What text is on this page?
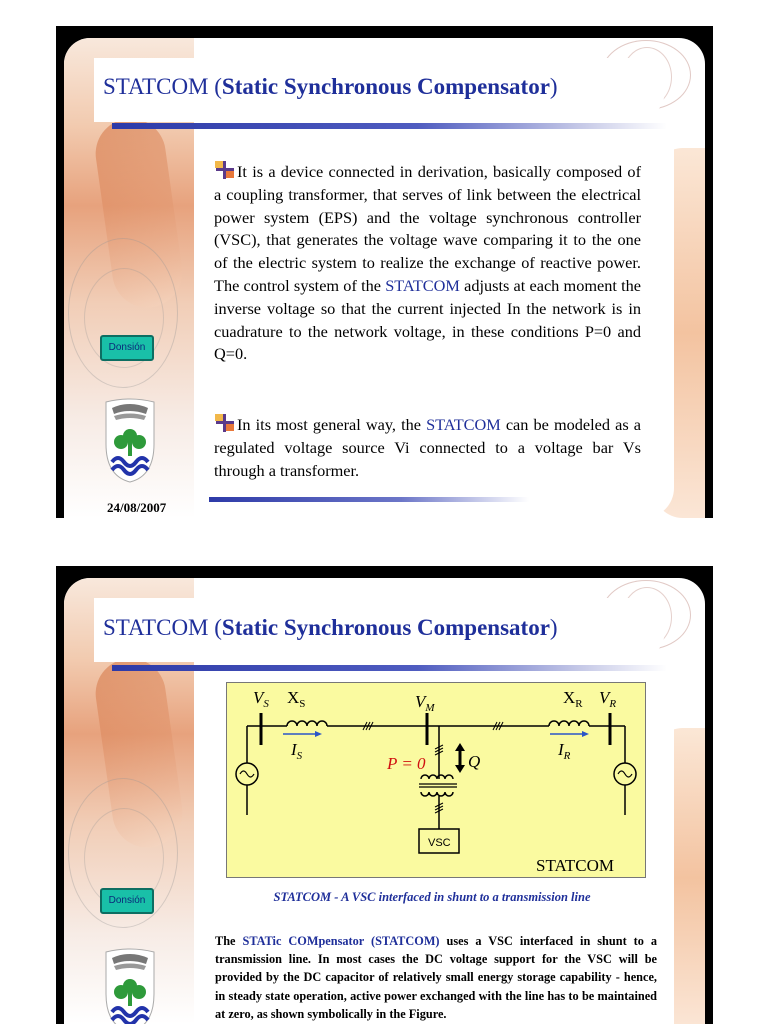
STATCOM (Static Synchronous Compensator)
It is a device connected in derivation, basically composed of a coupling transformer, that serves of link between the electrical power system (EPS) and the voltage synchronous controller (VSC), that generates the voltage wave comparing it to the one of the electric system to realize the exchange of reactive power. The control system of the STATCOM adjusts at each moment the inverse voltage so that the current injected In the network is in cuadrature to the network voltage, in these conditions P=0 and Q=0.
In its most general way, the STATCOM can be modeled as a regulated voltage source Vi connected to a voltage bar Vs through a transformer.
Donsión
24/08/2007
STATCOM (Static Synchronous Compensator)
$V_S$ $X_S$	$V_M$
$X_R$ $V_R$
$I_S$	$I_R$
P = 0 Q
VSC
STATCOM
STATCOM - A VSC interfaced in shunt to a transmission line
Donsión
The STATic COMpensator (STATCOM) uses a VSC interfaced in shunt to a transmission line. In most cases the DC voltage support for the VSC will be provided by the DC capacitor of relatively small energy storage capability - hence, in steady state operation, active power exchanged with the line has to be maintained at zero, as shown symbolically in the Figure.
